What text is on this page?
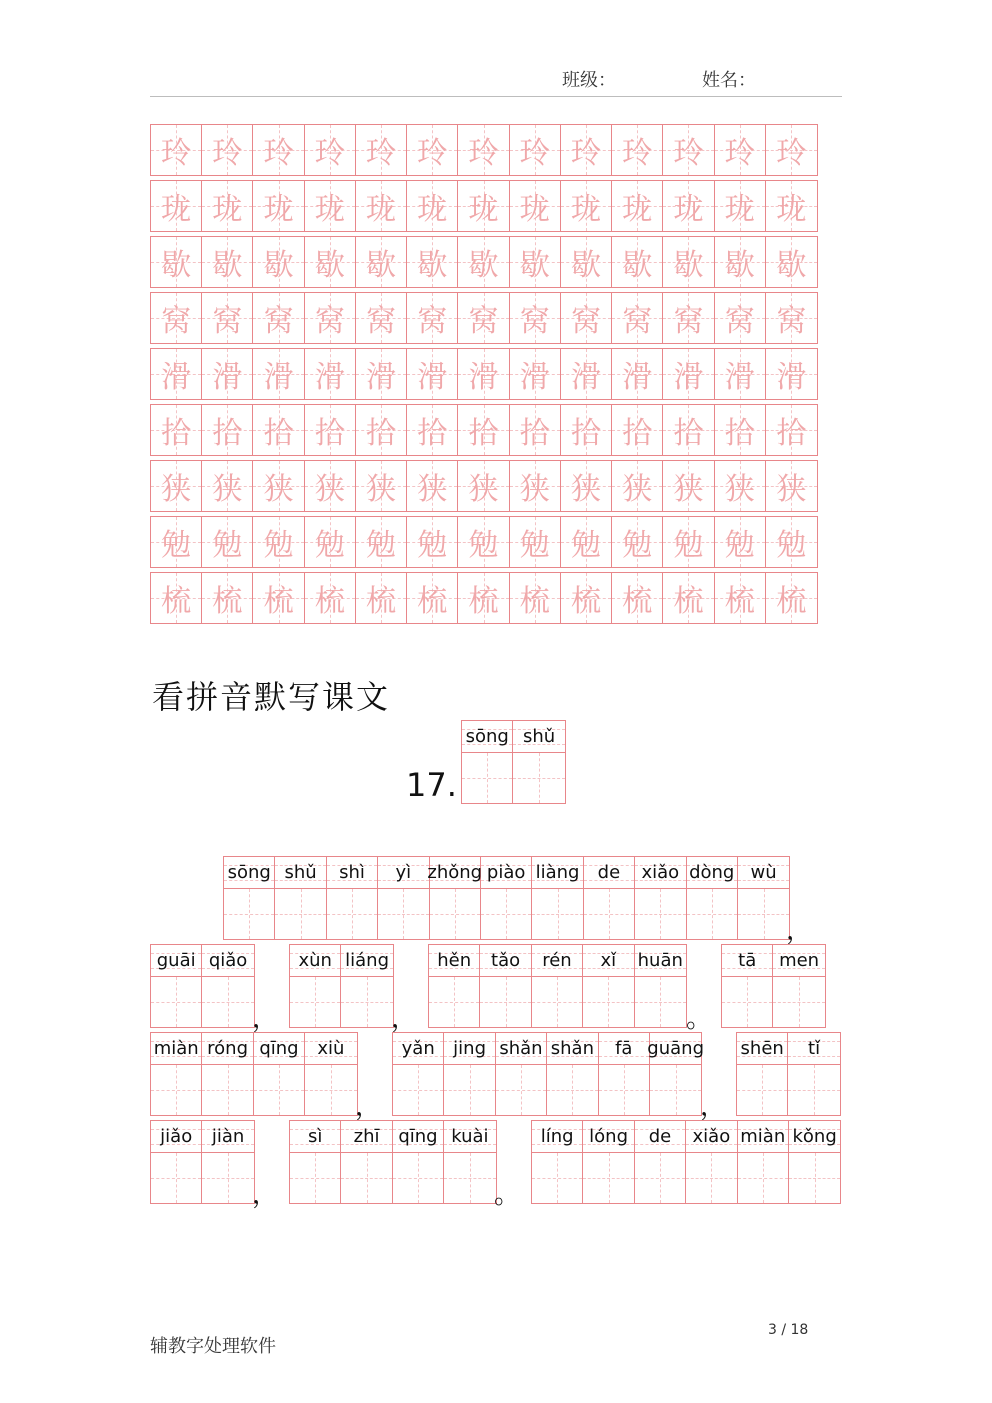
班级：	姓名：
玲 玲 玲 玲 玲 玲 玲 玲 玲 玲 玲 玲 玲
珑 珑 珑 珑 珑 珑 珑 珑 珑 珑 珑 珑 珑
歇 歇 歇 歇 歇 歇 歇 歇 歇 歇 歇 歇 歇
窝 窝 窝 窝 窝 窝 窝 窝 窝 窝 窝 窝 窝
滑 滑 滑 滑 滑 滑 滑 滑 滑 滑 滑 滑 滑
拾 拾 拾 拾 拾 拾 拾 拾 拾 拾 拾 拾 拾
狭 狭 狭 狭 狭 狭 狭 狭 狭 狭 狭 狭 狭
勉 勉 勉 勉 勉 勉 勉 勉 勉 勉 勉 勉 勉
梳 梳 梳 梳 梳 梳 梳 梳 梳 梳 梳 梳 梳
看拼音默写课文
17.
sōng shǔ shì yì zhǒng piào liàng de xiǎo dòng wù
，
guāi qiǎo
，
xùn liáng
，
hěn tǎo rén xǐ huān
。
tā men
miàn róng qīng xiù
，
yǎn jing shǎn shǎn fā guāng
，
shēn tǐ
jiǎo jiàn
，
sì zhī qīng kuài
。
líng lóng de xiǎo miàn kǒng
辅教字处理软件
3 / 18
sōng shǔ
